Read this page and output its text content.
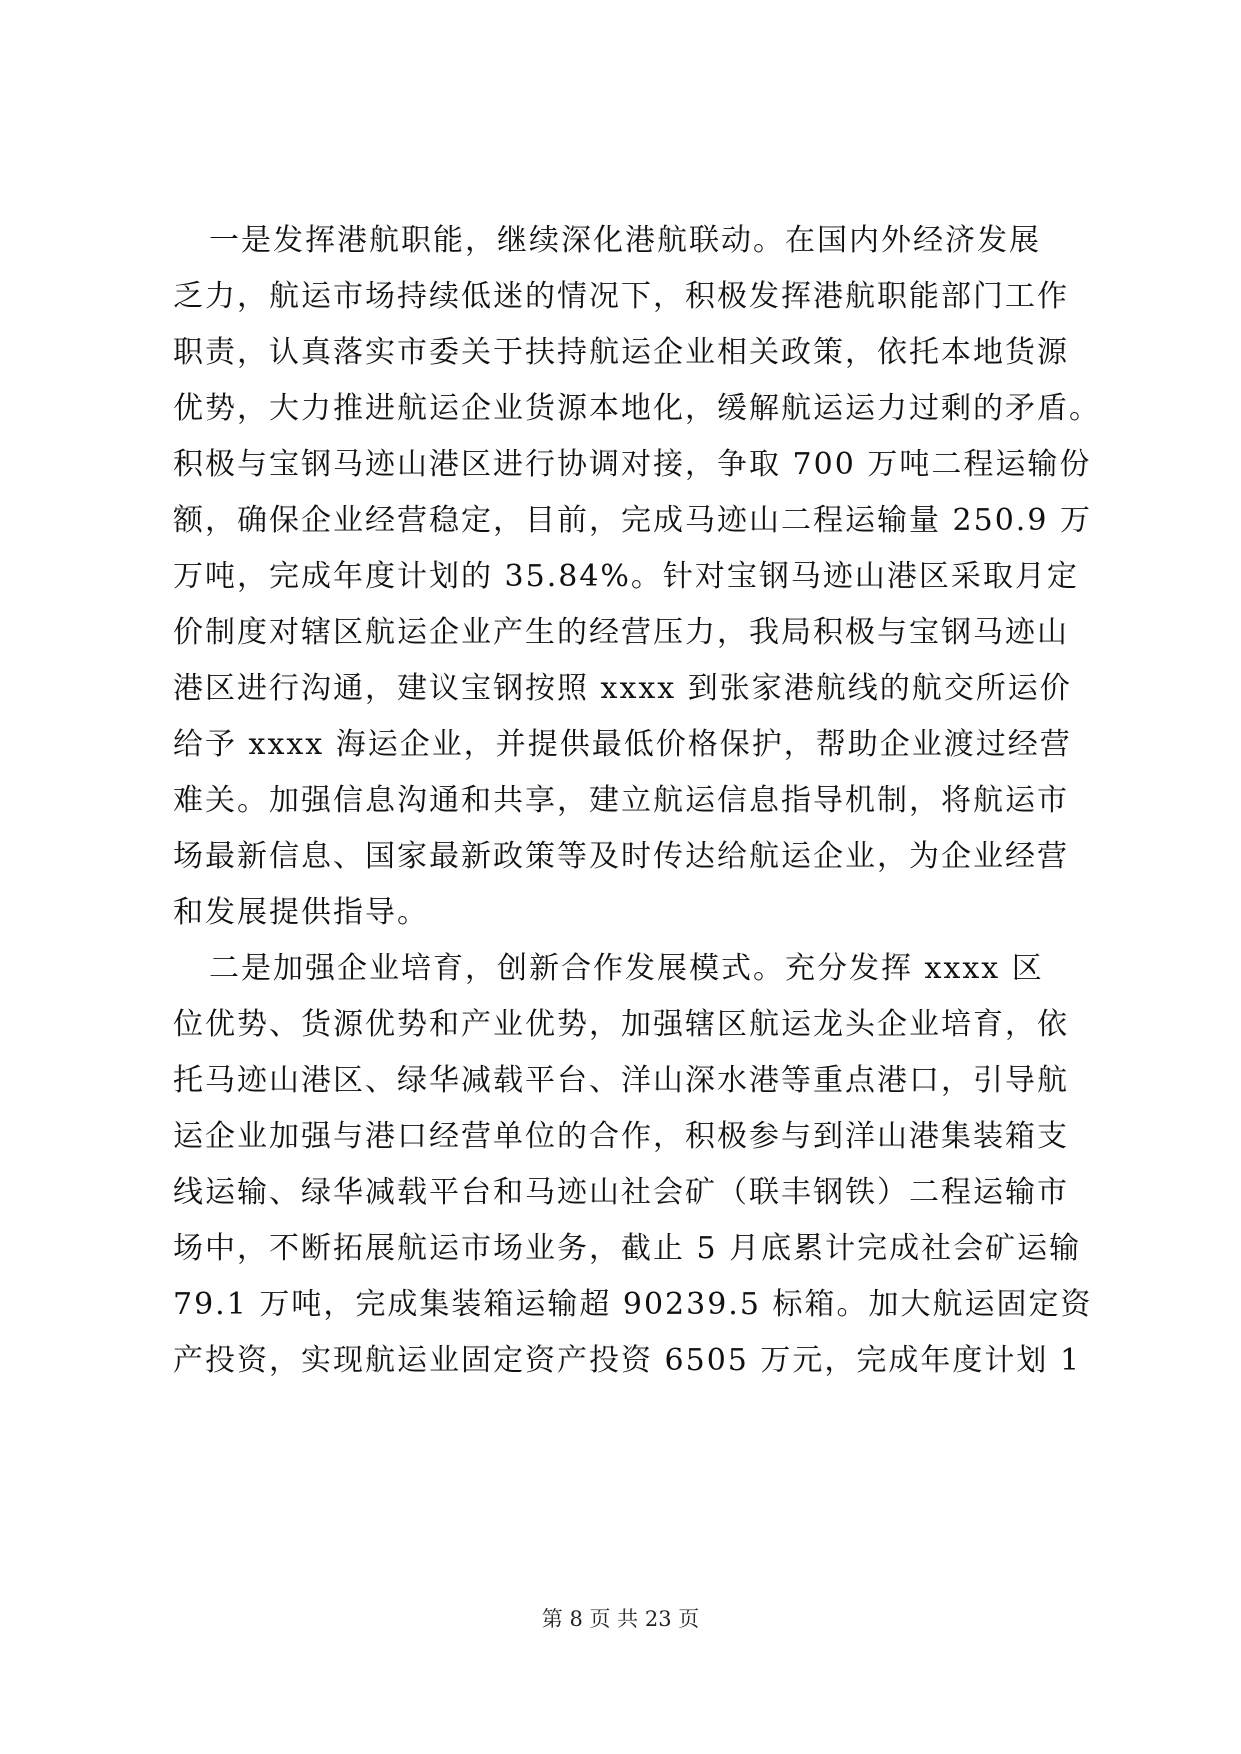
一是发挥港航职能，继续深化港航联动。在国内外经济发展
乏力，航运市场持续低迷的情况下，积极发挥港航职能部门工作
职责，认真落实市委关于扶持航运企业相关政策，依托本地货源
优势，大力推进航运企业货源本地化，缓解航运运力过剩的矛盾。
积极与宝钢马迹山港区进行协调对接，争取 700 万吨二程运输份
额，确保企业经营稳定，目前，完成马迹山二程运输量 250.9 万
万吨，完成年度计划的 35.84%。针对宝钢马迹山港区采取月定
价制度对辖区航运企业产生的经营压力，我局积极与宝钢马迹山
港区进行沟通，建议宝钢按照 xxxx 到张家港航线的航交所运价
给予 xxxx 海运企业，并提供最低价格保护，帮助企业渡过经营
难关。加强信息沟通和共享，建立航运信息指导机制，将航运市
场最新信息、国家最新政策等及时传达给航运企业，为企业经营
和发展提供指导。
二是加强企业培育，创新合作发展模式。充分发挥 xxxx 区
位优势、货源优势和产业优势，加强辖区航运龙头企业培育，依
托马迹山港区、绿华减载平台、洋山深水港等重点港口，引导航
运企业加强与港口经营单位的合作，积极参与到洋山港集装箱支
线运输、绿华减载平台和马迹山社会矿（联丰钢铁）二程运输市
场中，不断拓展航运市场业务，截止 5 月底累计完成社会矿运输
79.1 万吨，完成集装箱运输超 90239.5 标箱。加大航运固定资
产投资，实现航运业固定资产投资 6505 万元，完成年度计划 1
第 8 页 共 23 页
